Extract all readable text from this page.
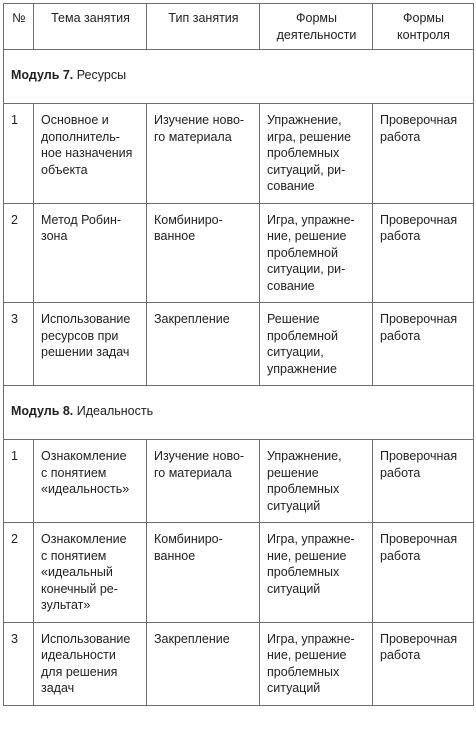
№	Тема занятия	Тип занятия	Формы
деятельности	Формы
контроля
Модуль 7. Ресурсы				
1	Основное и
дополнитель-
ное назначения
объекта	Изучение ново-
го материала	Упражнение,
игра, решение
проблемных
ситуаций, ри-
сование	Проверочная
работа
2	Метод Робин-
зона	Комбиниро-
ванное	Игра, упражне-
ние, решение
проблемной
ситуации, ри-
сование	Проверочная
работа
3	Использование
ресурсов при
решении задач	Закрепление	Решение
проблемной
ситуации,
упражнение	Проверочная
работа
Модуль 8. Идеальность				
1	Ознакомление
с понятием
«идеальность»	Изучение ново-
го материала	Упражнение,
решение
проблемных
ситуаций	Проверочная
работа
2	Ознакомление
с понятием
«идеальный
конечный ре-
зультат»	Комбиниро-
ванное	Игра, упражне-
ние, решение
проблемных
ситуаций	Проверочная
работа
3	Использование
идеальности
для решения
задач	Закрепление	Игра, упражне-
ние, решение
проблемных
ситуаций	Проверочная
работа
